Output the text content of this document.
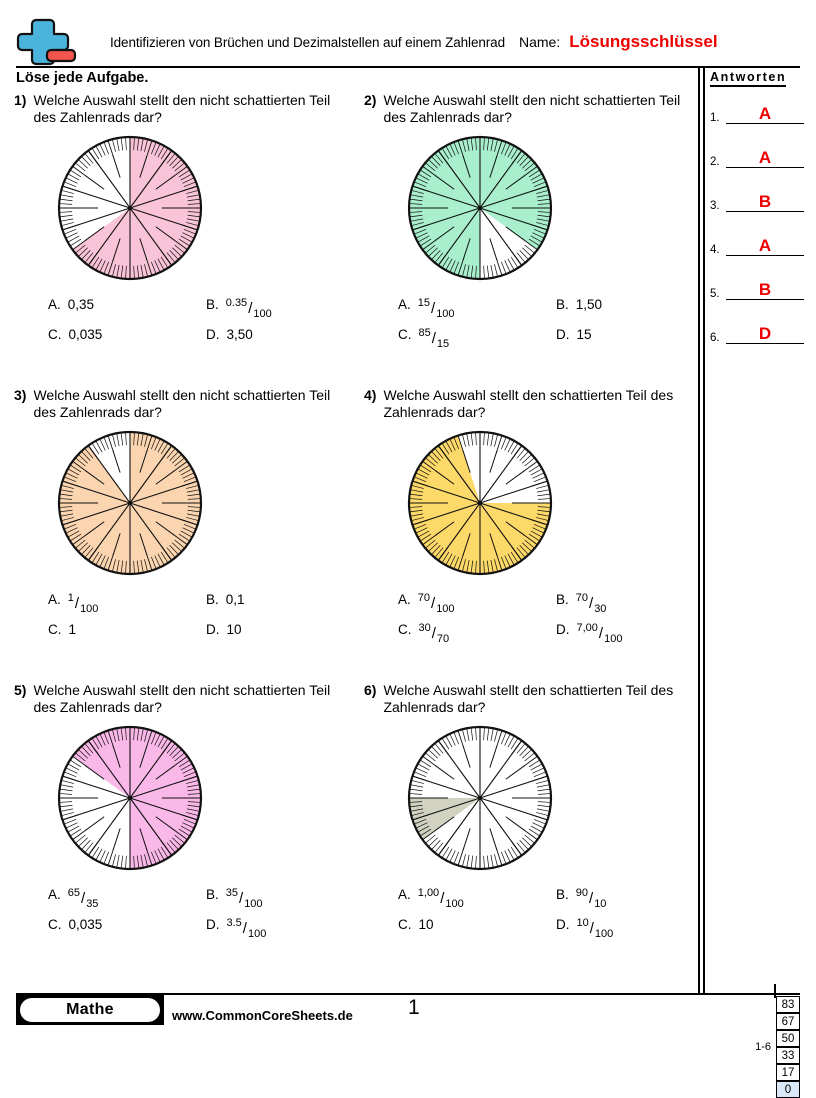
Identifizieren von Brüchen und Dezimalstellen auf einem Zahlenrad Name: Lösungsschlüssel
Löse jede Aufgabe.	Antworten
1.	A
2.	A
3.	B
4.	A
5.	B
6.	D
1) Welche Auswahl stellt den nicht schattierten Teil des Zahlenrads dar?
A. 0,35	B. $^{0.35}/_{100}$
C. 0,035	D. 3,50
2) Welche Auswahl stellt den nicht schattierten Teil des Zahlenrads dar?
A. $^{15}/_{100}$
B. 1,50
C. $^{85}/_{15}$
D. 15
3) Welche Auswahl stellt den nicht schattierten Teil des Zahlenrads dar?
A. $^1/_{100}$
B. 0,1
C. 1	D. 10
4) Welche Auswahl stellt den schattierten Teil des Zahlenrads dar?
A. $^{70}/_{100}$
B. $^{70}/_{30}$
C. $^{30}/_{70}$
D. $^{7,00}/_{100}$
5) Welche Auswahl stellt den nicht schattierten Teil des Zahlenrads dar?
A. $^{65}/_{35}$
B. $^{35}/_{100}$
C. 0,035	D. $^{3.5}/_{100}$
6) Welche Auswahl stellt den schattierten Teil des Zahlenrads dar?
A. $^{1,00}/_{100}$
B. $^{90}/_{10}$
C. 10	D. $^{10}/_{100}$
Mathe	www.CommonCoreSheets.de	1
1-6
83
67
50
33
17
0
